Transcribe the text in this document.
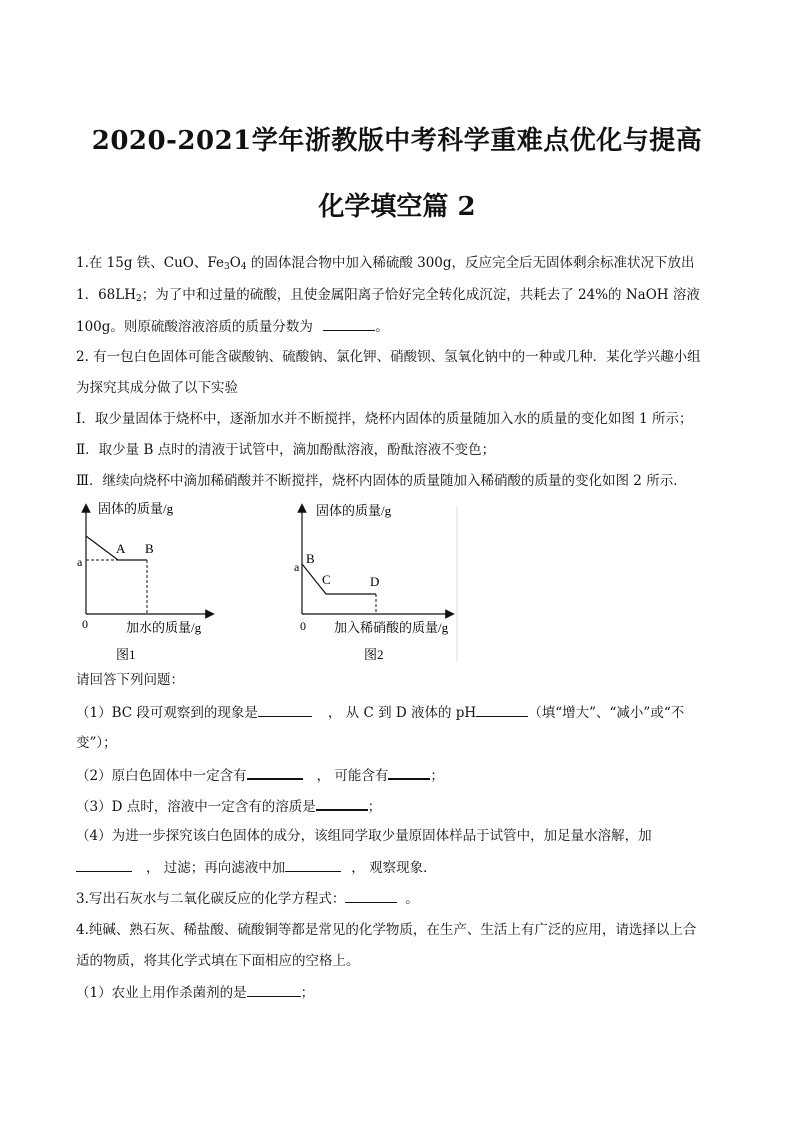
2020-2021学年浙教版中考科学重难点优化与提高
化学填空篇 2
1.在 15g 铁、CuO、$Fe_3O_4$ 的固体混合物中加入稀硫酸 300g，反应完全后无固体剩余标准状况下放出
1．$68LH_2$；为了中和过量的硫酸，且使金属阳离子恰好完全转化成沉淀，共耗去了 24%的 NaOH 溶液
100g。则原硫酸溶液溶质的质量分数为	。
2. 有一包白色固体可能含碳酸钠、硫酸钠、氯化钾、硝酸钡、氢氧化钠中的一种或几种．某化学兴趣小组
为探究其成分做了以下实验
Ⅰ．取少量固体于烧杯中，逐渐加水并不断搅拌，烧杯内固体的质量随加入水的质量的变化如图 1 所示；
Ⅱ．取少量 B 点时的清液于试管中，滴加酚酞溶液，酚酞溶液不变色；
Ⅲ．继续向烧杯中滴加稀硝酸并不断搅拌，烧杯内固体的质量随加入稀硝酸的质量的变化如图 2 所示．
固体的质量/g
加水的质量/g
0
a
A B
图1
固体的质量/g
加入稀硝酸的质量/g
0
a
B
C	D
图2
请回答下列问题：
（1）BC 段可观察到的现象是	， 从 C 到 D 液体的 pH	（填“增大”、“减小”或“不
变”）；
（2）原白色固体中一定含有	， 可能含有	；
（3）D 点时，溶液中一定含有的溶质是	；
（4）为进一步探究该白色固体的成分，该组同学取少量原固体样品于试管中，加足量水溶解，加
， 过滤；再向滤液中加	， 观察现象．
3.写出石灰水与二氧化碳反应的化学方程式：	。
4.纯碱、熟石灰、稀盐酸、硫酸铜等都是常见的化学物质，在生产、生活上有广泛的应用，请选择以上合
适的物质，将其化学式填在下面相应的空格上。
（1）农业上用作杀菌剂的是	；
